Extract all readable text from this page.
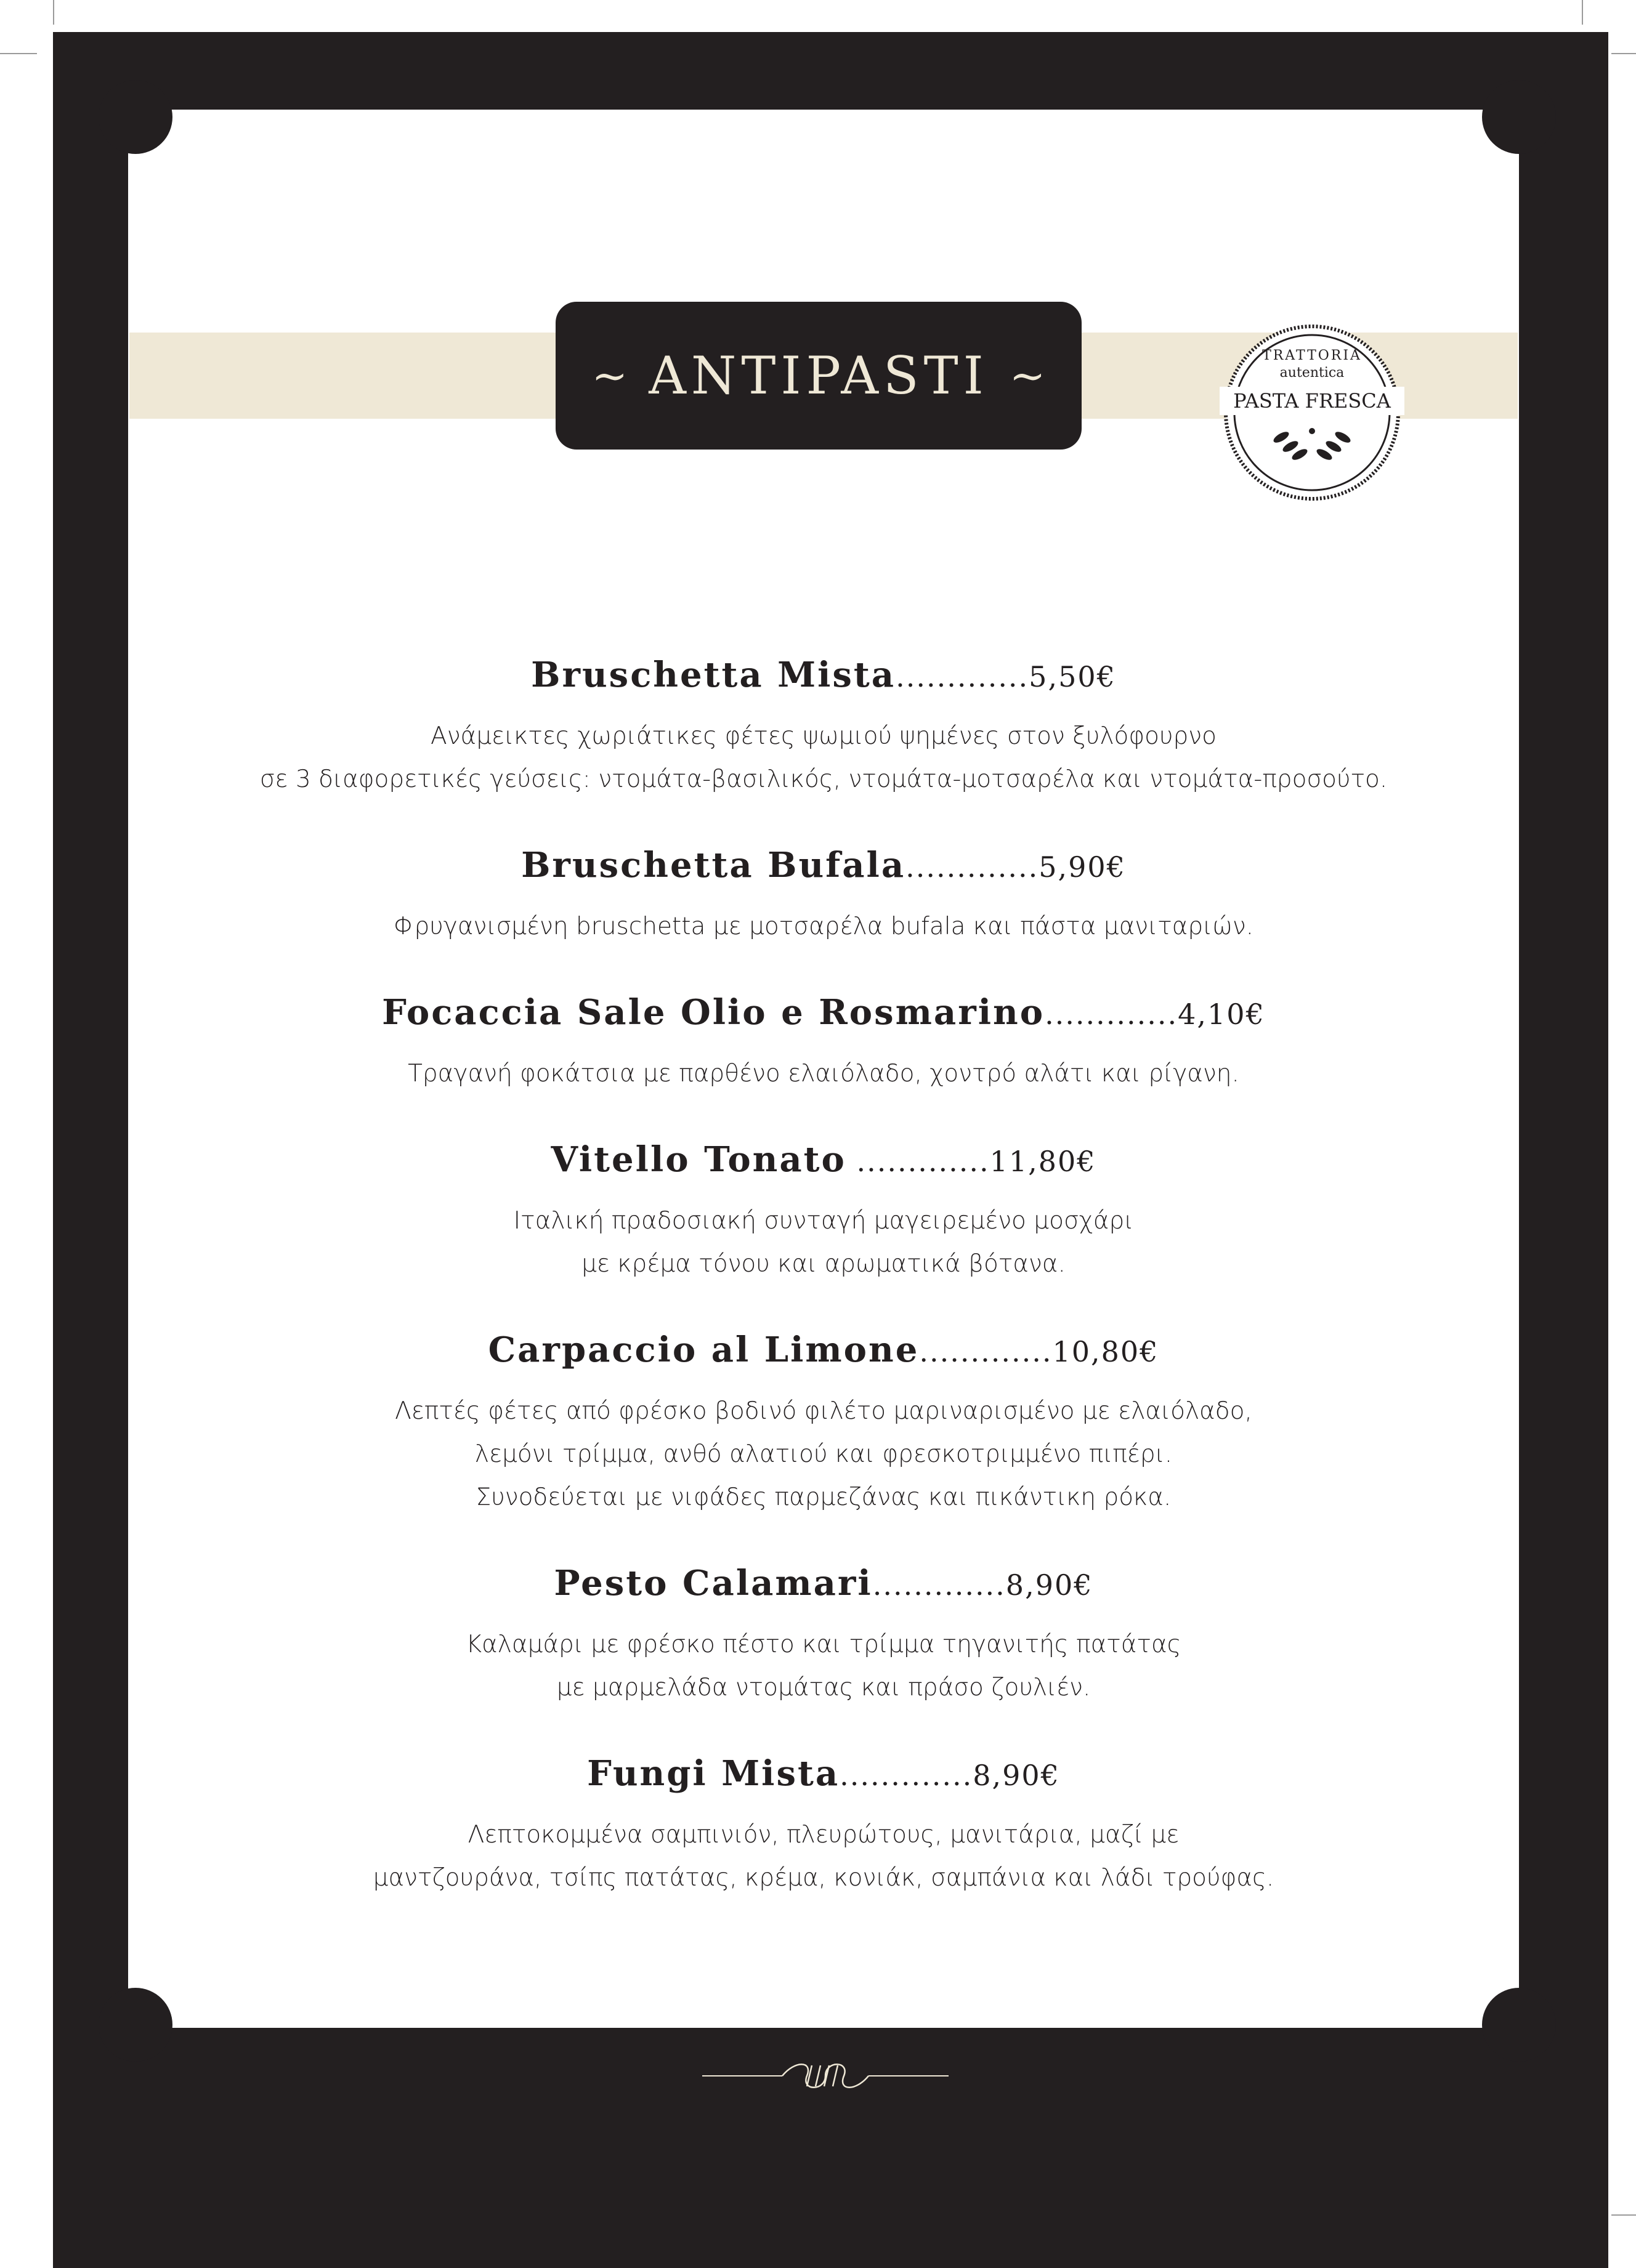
~ ANTIPASTI ~	TRATTORIA
autentica
PASTA FRESCA
Bruschetta Mista.............5,50€
Ανάμεικτες χωριάτικες φέτες ψωμιού ψημένες στον ξυλόφουρνο
σε 3 διαφορετικές γεύσεις: ντομάτα-βασιλικός, ντομάτα-μοτσαρέλα και ντομάτα-προσούτο.
Bruschetta Bufala.............5,90€
Φρυγανισμένη bruschetta με μοτσαρέλα bufala και πάστα μανιταριών.
Focaccia Sale Olio e Rosmarino.............4,10€
Τραγανή φοκάτσια με παρθένο ελαιόλαδο, χοντρό αλάτι και ρίγανη.
Vitello Tonato .............11,80€
Ιταλική πραδοσιακή συνταγή μαγειρεμένο μοσχάρι
με κρέμα τόνου και αρωματικά βότανα.
Carpaccio al Limone.............10,80€
Λεπτές φέτες από φρέσκο βοδινό φιλέτο μαριναρισμένο με ελαιόλαδο,
λεμόνι τρίμμα, ανθό αλατιού και φρεσκοτριμμένο πιπέρι.
Συνοδεύεται με νιφάδες παρμεζάνας και πικάντικη ρόκα.
Pesto Calamari.............8,90€
Καλαμάρι με φρέσκο πέστο και τρίμμα τηγανιτής πατάτας
με μαρμελάδα ντομάτας και πράσο ζουλιέν.
Fungi Mista.............8,90€
Λεπτοκομμένα σαμπινιόν, πλευρώτους, μανιτάρια, μαζί με
μαντζουράνα, τσίπς πατάτας, κρέμα, κονιάκ, σαμπάνια και λάδι τρούφας.
